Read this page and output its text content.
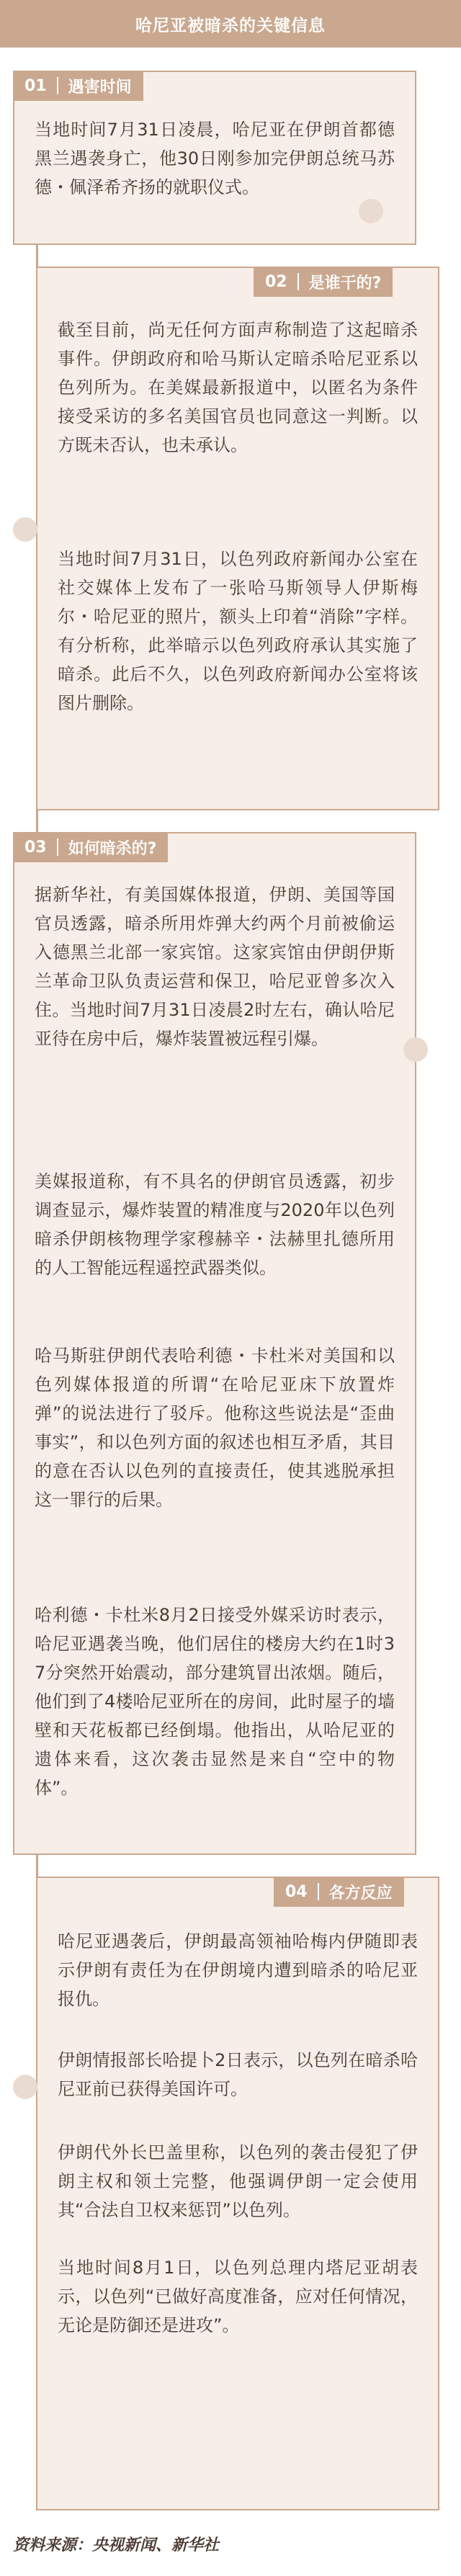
哈尼亚被暗杀的关键信息
01	遇害时间

当地时间7月31日凌晨，哈尼亚在伊朗首都德黑兰遇袭身亡，他30日刚参加完伊朗总统马苏德・佩泽希齐扬的就职仪式。

02	是谁干的?

截至目前，尚无任何方面声称制造了这起暗杀事件。伊朗政府和哈马斯认定暗杀哈尼亚系以色列所为。在美媒最新报道中，以匿名为条件接受采访的多名美国官员也同意这一判断。以方既未否认，也未承认。

当地时间7月31日，以色列政府新闻办公室在社交媒体上发布了一张哈马斯领导人伊斯梅尔・哈尼亚的照片，额头上印着“消除”字样。有分析称，此举暗示以色列政府承认其实施了暗杀。此后不久，以色列政府新闻办公室将该图片删除。

03	如何暗杀的?

据新华社，有美国媒体报道，伊朗、美国等国官员透露，暗杀所用炸弹大约两个月前被偷运入德黑兰北部一家宾馆。这家宾馆由伊朗伊斯兰革命卫队负责运营和保卫，哈尼亚曾多次入住。当地时间7月31日凌晨2时左右，确认哈尼亚待在房中后，爆炸装置被远程引爆。

美媒报道称，有不具名的伊朗官员透露，初步调查显示，爆炸装置的精准度与2020年以色列暗杀伊朗核物理学家穆赫辛・法赫里扎德所用的人工智能远程遥控武器类似。

哈马斯驻伊朗代表哈利德・卡杜米对美国和以色列媒体报道的所谓“在哈尼亚床下放置炸弹”的说法进行了驳斥。他称这些说法是“歪曲事实”，和以色列方面的叙述也相互矛盾，其目的意在否认以色列的直接责任，使其逃脱承担这一罪行的后果。

哈利德・卡杜米8月2日接受外媒采访时表示，哈尼亚遇袭当晚，他们居住的楼房大约在1时37分突然开始震动，部分建筑冒出浓烟。随后，他们到了4楼哈尼亚所在的房间，此时屋子的墙壁和天花板都已经倒塌。他指出，从哈尼亚的遗体来看，这次袭击显然是来自“空中的物体”。

04	各方反应

哈尼亚遇袭后，伊朗最高领袖哈梅内伊随即表示伊朗有责任为在伊朗境内遭到暗杀的哈尼亚报仇。

伊朗情报部长哈提卜2日表示，以色列在暗杀哈尼亚前已获得美国许可。

伊朗代外长巴盖里称，以色列的袭击侵犯了伊朗主权和领土完整，他强调伊朗一定会使用其“合法自卫权来惩罚”以色列。

当地时间8月1日，以色列总理内塔尼亚胡表示，以色列“已做好高度准备，应对任何情况，无论是防御还是进攻”。

资料来源：央视新闻、新华社
